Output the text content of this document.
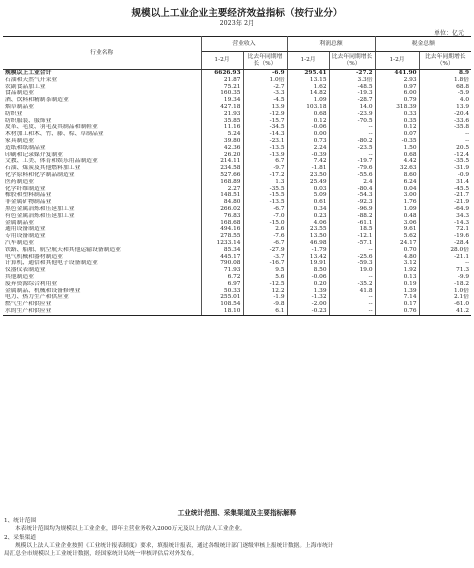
规模以上工业企业主要经济效益指标（按行业分）
2023年 2月
单位：亿元
行业名称	营业收入		利润总额		税金总额	
	1-2月	比去年同期增长（%）	1-2月	比去年同期增长（%）	1-2月	比去年同期增长（%）
规模以上工业合计	6626.93	-6.9	295.41	-27.2	441.90	8.9
石油和天然气开采业	21.87	1.0倍	13.15	3.3倍	2.93	1.8倍
农副食品加工业	75.21	-2.7	1.62	-48.5	0.97	68.8
食品制造业	160.35	-3.3	14.82	-19.3	6.00	-5.9
酒、饮料和精制茶制造业	19.34	-4.5	1.09	-28.7	0.79	4.0
烟草制品业	427.18	13.9	103.18	14.0	318.39	13.9
纺织业	21.93	-12.9	0.68	-23.9	0.33	-20.4
纺织服装、服饰业	35.85	-15.7	0.12	-70.5	0.35	-33.6
皮革、毛皮、羽毛及其制品和制鞋业	11.16	-34.5	-0.06	--	0.12	-35.8
木材加工和木、竹、藤、棕、草制品业	5.24	-14.3	0.00	--	0.07	--
家具制造业	39.80	-23.1	0.73	-80.2	-0.35	--
造纸和纸制品业	42.36	-13.5	2.24	-23.5	1.50	20.5
印刷和记录媒介复制业	26.20	-13.9	-0.39	--	0.68	-12.4
文教、工美、体育和娱乐用品制造业	214.11	6.7	7.42	-19.7	4.42	-35.5
石油、煤炭及其他燃料加工业	234.58	-9.7	-1.81	-79.6	32.63	-31.9
化学原料和化学制品制造业	527.66	-17.2	23.50	-55.6	8.60	-0.9
医药制造业	168.89	1.3	25.49	2.4	6.24	31.4
化学纤维制造业	2.27	-35.5	0.03	-80.4	0.04	-45.5
橡胶和塑料制品业	148.51	-15.5	5.09	-54.3	3.00	-21.7
非金属矿物制品业	84.80	-13.5	0.61	-92.3	1.76	-21.9
黑色金属冶炼和压延加工业	266.02	-6.7	0.34	-96.9	1.09	-64.9
有色金属冶炼和压延加工业	76.83	-7.0	0.23	-88.2	0.48	34.3
金属制品业	168.68	-15.0	4.06	-61.1	3.06	-14.3
通用设备制造业	494.16	2.6	23.55	18.5	9.61	72.1
专用设备制造业	278.55	-7.6	13.50	-12.1	5.62	-19.6
汽车制造业	1233.14	-6.7	46.98	-57.1	24.17	-28.4
铁路、船舶、航空航天和其他运输设备制造业	85.34	-27.9	-1.79	--	0.70	28.0倍
电气机械和器材制造业	445.17	-3.7	13.42	-25.6	4.80	-21.1
计算机、通信和其他电子设备制造业	790.08	-16.7	19.91	-59.3	3.12	--
仪器仪表制造业	71.93	9.5	8.50	19.0	1.92	71.3
其他制造业	6.72	5.6	-0.06	--	0.13	-9.9
废弃资源综合利用业	6.97	-12.5	0.20	-35.2	0.19	-18.2
金属制品、机械和设备修理业	50.33	12.2	1.39	41.8	1.39	1.0倍
电力、热力生产和供应业	255.01	-1.9	-1.32	--	7.14	2.1倍
燃气生产和供应业	108.54	-9.8	-2.00	--	0.17	-61.0
水的生产和供应业	18.10	6.1	-0.23	--	0.76	41.2
工业统计范围、采集渠道及主要指标解释
1、统计范围
本表统计范围均为规模以上工业企业，即年主营业务收入2000万元及以上的法人工业企业。
2、采集渠道
规模以上法人工业企业按照《工业统计报表制度》要求，填报统计报表，通过各级统计部门逐级审核上报统计数据。上海市统计
局汇总全市规模以上工业统计数据，经国家统计局统一审核评估后对外发布。
